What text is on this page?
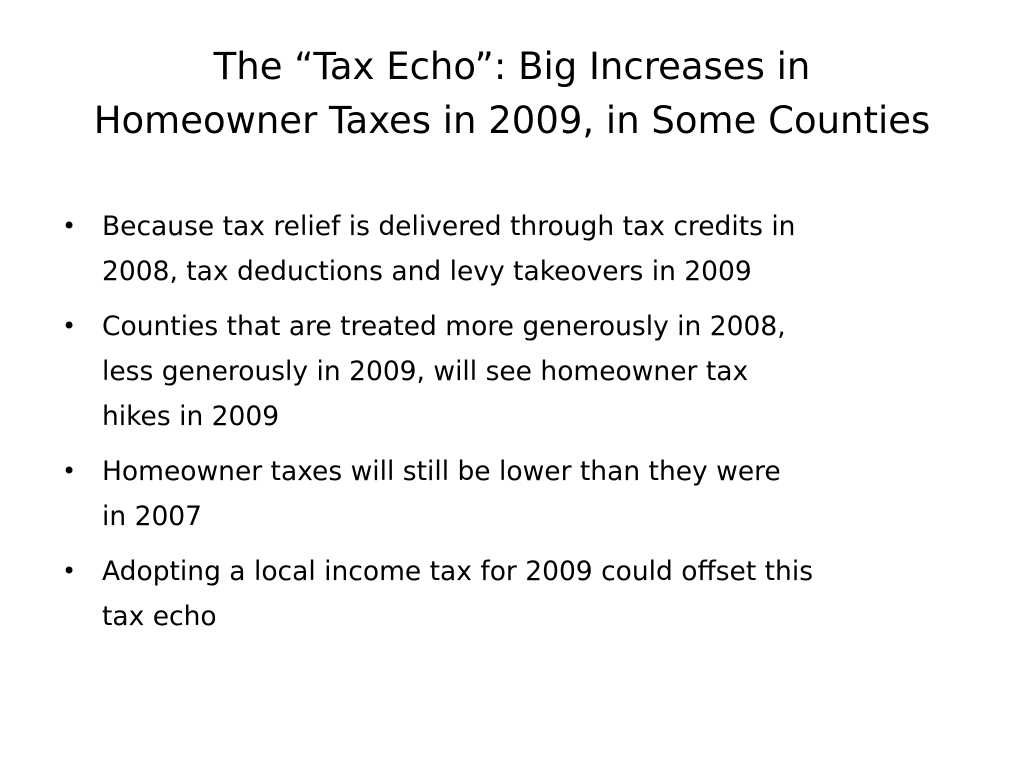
The “Tax Echo”: Big Increases in
Homeowner Taxes in 2009, in Some Counties
• Because tax relief is delivered through tax credits in
2008, tax deductions and levy takeovers in 2009
• Counties that are treated more generously in 2008,
less generously in 2009, will see homeowner tax
hikes in 2009
• Homeowner taxes will still be lower than they were
in 2007
• Adopting a local income tax for 2009 could offset this
tax echo
